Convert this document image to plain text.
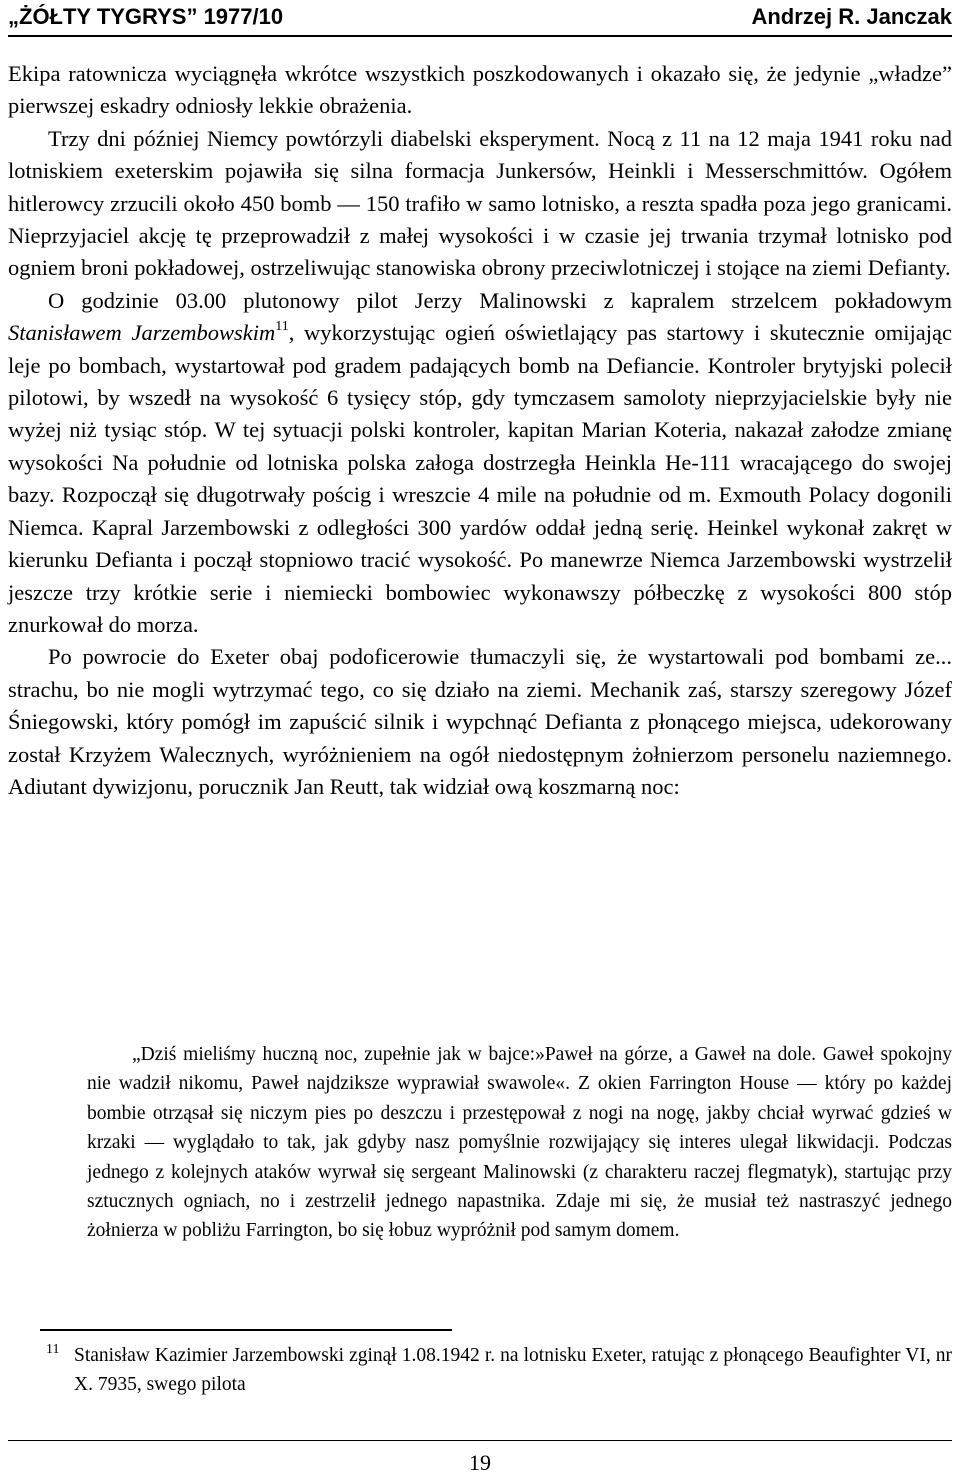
„ŻÓŁTY TYGRYS” 1977/10	Andrzej R. Janczak

Ekipa ratownicza wyciągnęła wkrótce wszystkich poszkodowanych i okazało się, że jedynie „władze” pierwszej eskadry odniosły lekkie obrażenia.

Trzy dni później Niemcy powtórzyli diabelski eksperyment. Nocą z 11 na 12 maja 1941 roku nad lotniskiem exeterskim pojawiła się silna formacja Junkersów, Heinkli i Messerschmittów. Ogółem hitlerowcy zrzucili około 450 bomb ― 150 trafiło w samo lotnisko, a reszta spadła poza jego granicami. Nieprzyjaciel akcję tę przeprowadził z małej wysokości i w czasie jej trwania trzymał lotnisko pod ogniem broni pokładowej, ostrzeliwując stanowiska obrony przeciwlotniczej i stojące na ziemi Defianty.

O godzinie 03.00 plutonowy pilot Jerzy Malinowski z kapralem strzelcem pokładowym Stanisławem Jarzembowskim$^{11}$, wykorzystując ogień oświetlający pas startowy i skutecznie omijając leje po bombach, wystartował pod gradem padających bomb na Defiancie. Kontroler brytyjski polecił pilotowi, by wszedł na wysokość 6 tysięcy stóp, gdy tymczasem samoloty nieprzyjacielskie były nie wyżej niż tysiąc stóp. W tej sytuacji polski kontroler, kapitan Marian Koteria, nakazał załodze zmianę wysokości Na południe od lotniska polska załoga dostrzegła Heinkla He-111 wracającego do swojej bazy. Rozpoczął się długotrwały pościg i wreszcie 4 mile na południe od m. Exmouth Polacy dogonili Niemca. Kapral Jarzembowski z odległości 300 yardów oddał jedną serię. Heinkel wykonał zakręt w kierunku Defianta i począł stopniowo tracić wysokość. Po manewrze Niemca Jarzembowski wystrzelił jeszcze trzy krótkie serie i niemiecki bombowiec wykonawszy półbeczkę z wysokości 800 stóp znurkował do morza.

Po powrocie do Exeter obaj podoficerowie tłumaczyli się, że wystartowali pod bombami ze... strachu, bo nie mogli wytrzymać tego, co się działo na ziemi. Mechanik zaś, starszy szeregowy Józef Śniegowski, który pomógł im zapuścić silnik i wypchnąć Defianta z płonącego miejsca, udekorowany został Krzyżem Walecznych, wyróżnieniem na ogół niedostępnym żołnierzom personelu naziemnego. Adiutant dywizjonu, porucznik Jan Reutt, tak widział ową koszmarną noc:

„Dziś mieliśmy huczną noc, zupełnie jak w bajce:»Paweł na górze, a Gaweł na dole. Gaweł spokojny nie wadził nikomu, Paweł najdziksze wyprawiał swawole«. Z okien Farrington House ― który po każdej bombie otrząsał się niczym pies po deszczu i przestępował z nogi na nogę, jakby chciał wyrwać gdzieś w krzaki ― wyglądało to tak, jak gdyby nasz pomyślnie rozwijający się interes ulegał likwidacji. Podczas jednego z kolejnych ataków wyrwał się sergeant Malinowski (z charakteru raczej flegmatyk), startując przy sztucznych ogniach, no i zestrzelił jednego napastnika. Zdaje mi się, że musiał też nastraszyć jednego żołnierza w pobliżu Farrington, bo się łobuz wypróżnił pod samym domem.

11 Stanisław Kazimier Jarzembowski zginął 1.08.1942 r. na lotnisku Exeter, ratując z płonącego Beaufighter VI, nr X. 7935, swego pilota
19
